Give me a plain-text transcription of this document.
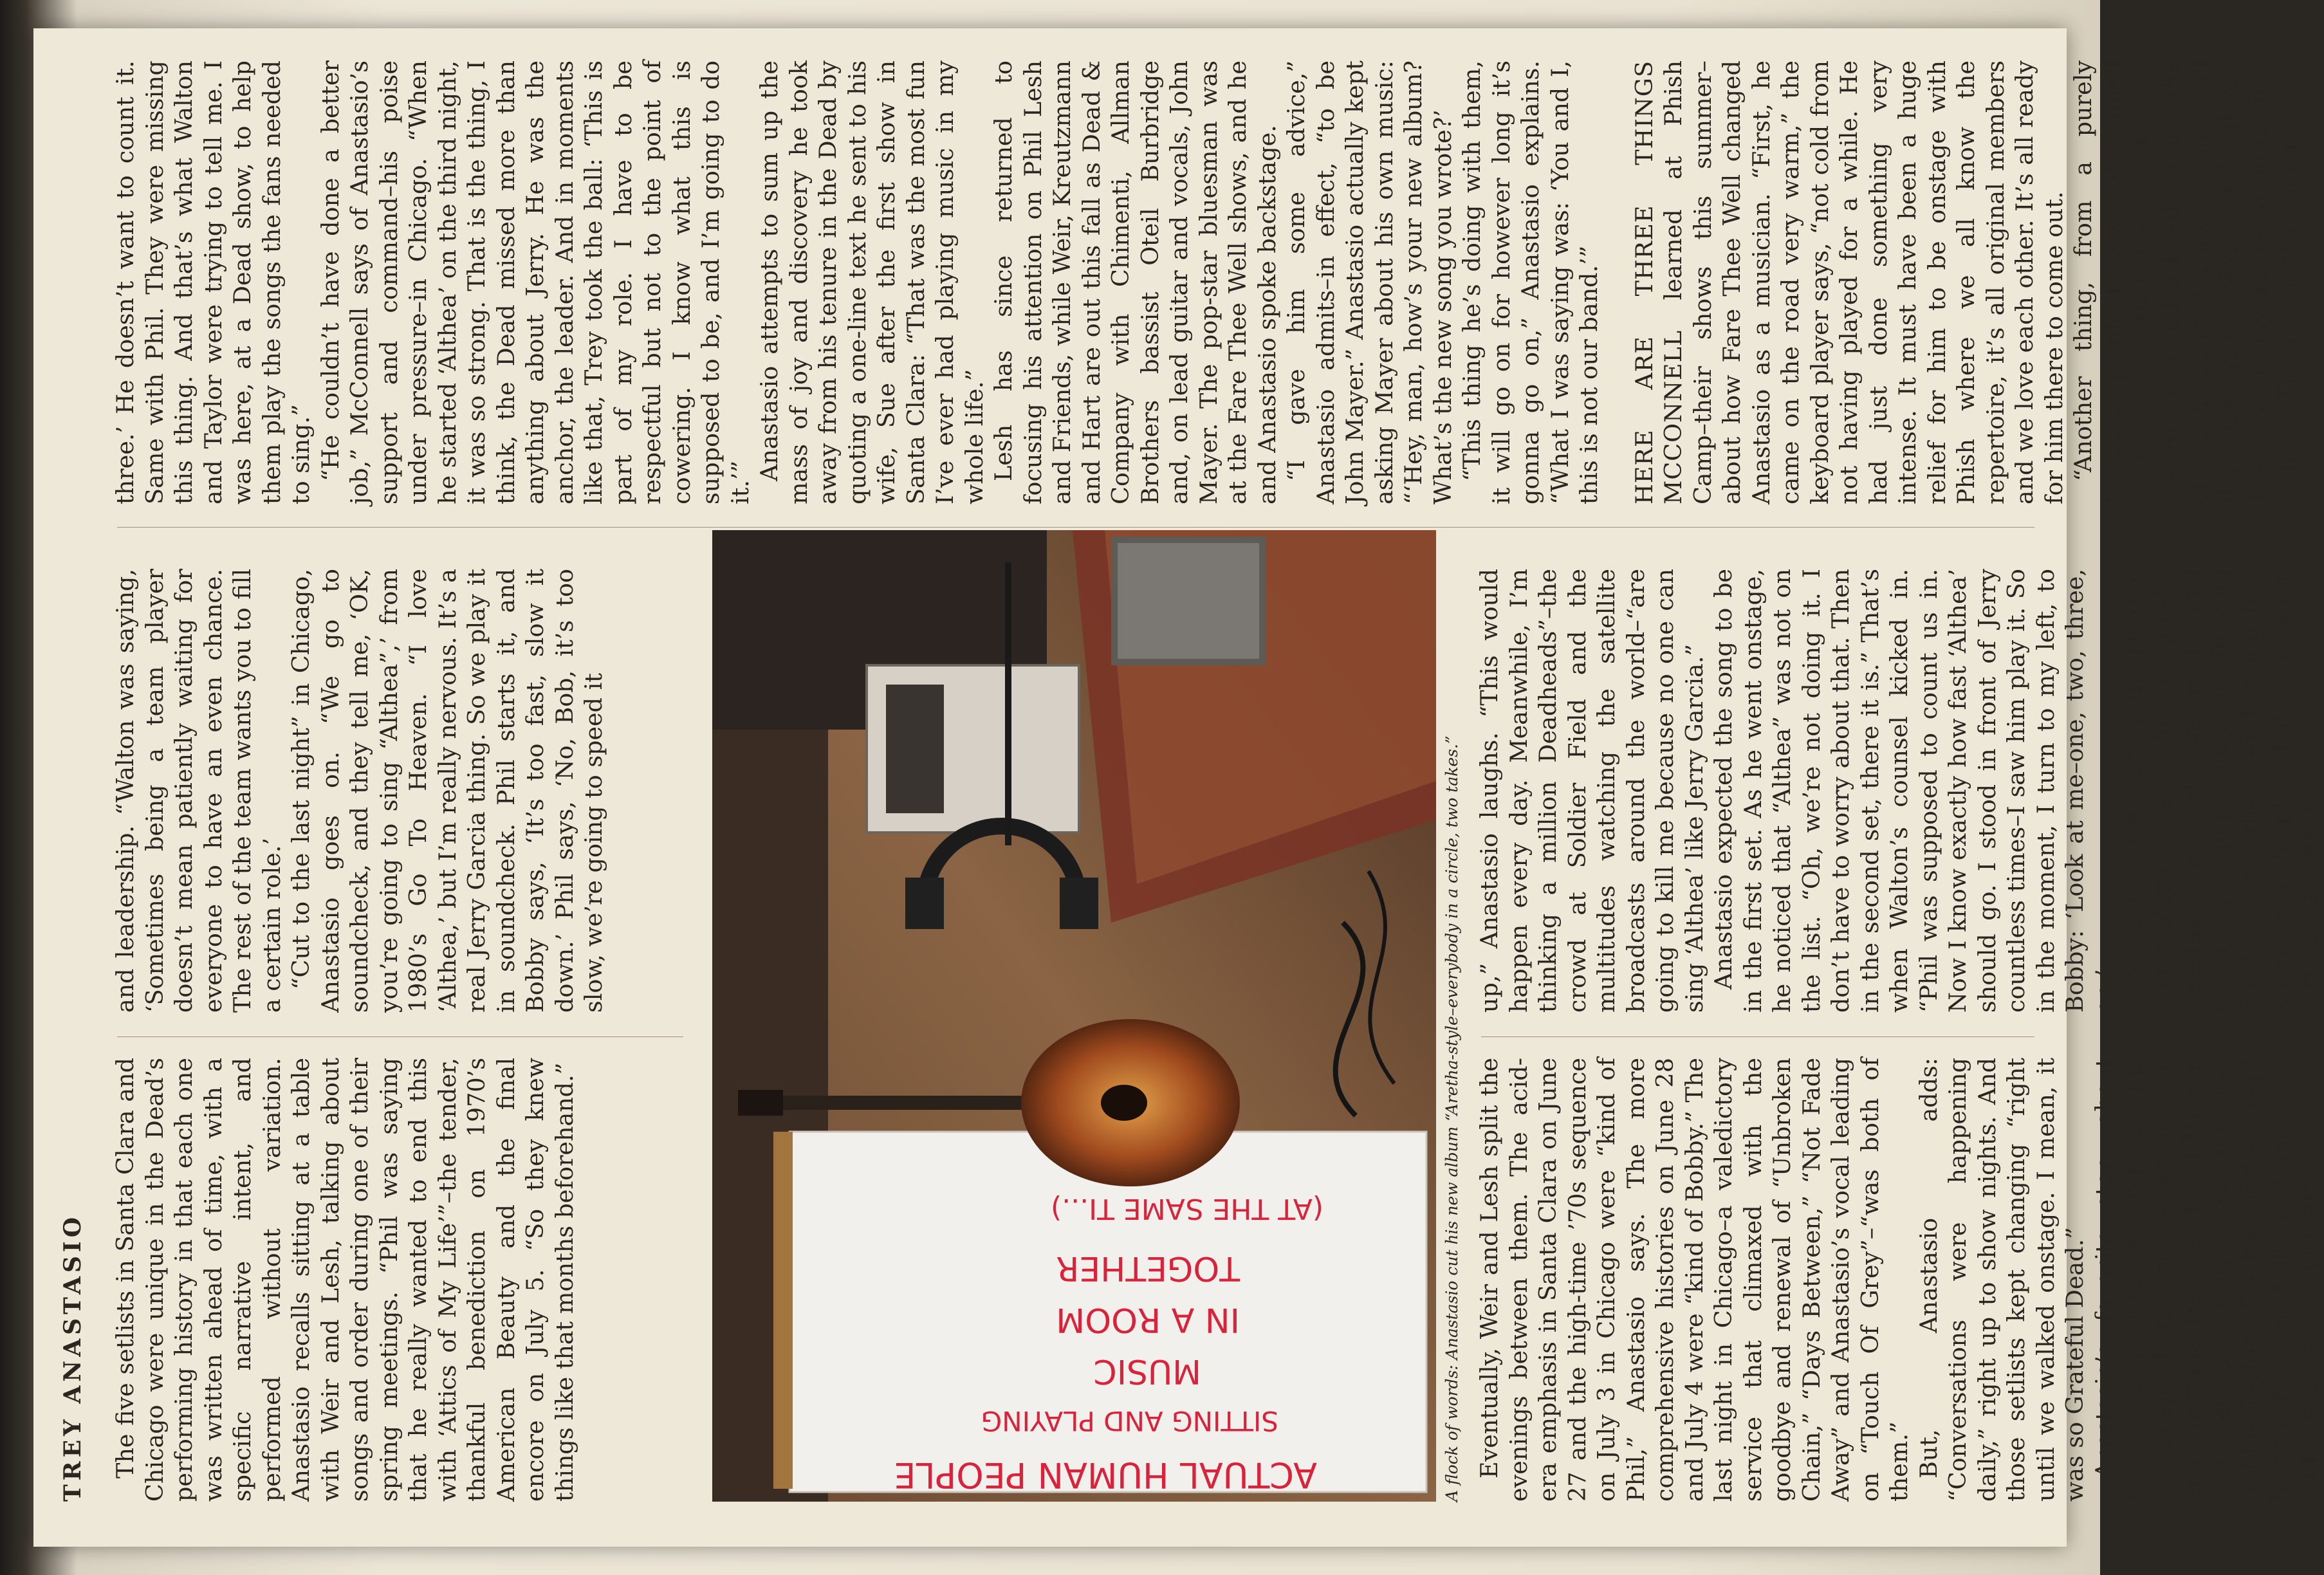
TREY ANASTASIO The five setlists in Santa Clara and Chicago were unique in the Dead’s performing history in that each one was written ahead of time, with a specific narrative intent, and performed without variation. Anastasio recalls sitting at a table with Weir and Lesh, talking about songs and order during one of their spring meetings. “Phil was saying that he really wanted to end this with ‘Attics of My Life’”–the tender, thankful benediction on 1970’s American Beauty and the final encore on July 5. “So they knew things like that months beforehand.”

and leadership. “Walton was saying, ‘Sometimes being a team player doesn’t mean patiently waiting for everyone to have an even chance. The rest of the team wants you to fill a certain role.’ “Cut to the last night” in Chicago, Anastasio goes on. “We go to soundcheck, and they tell me, ‘OK, you’re going to sing “Althea”,’ from 1980’s Go To Heaven. “I love ‘Althea,’ but I’m really nervous. It’s a real Jerry Garcia thing. So we play it in soundcheck. Phil starts it, and Bobby says, ‘It’s too fast, slow it down.’ Phil says, ‘No, Bob, it’s too slow, we’re going to speed it

three.’ He doesn’t want to count it. Same with Phil. They were missing this thing. And that’s what Walton and Taylor were trying to tell me. I was here, at a Dead show, to help them play the songs the fans needed to sing.” “He couldn’t have done a better job,” McConnell says of Anastasio’s support and command–his poise under pressure–in Chicago. “When he started ‘Althea’ on the third night, it was so strong. That is the thing, I think, the Dead missed more than anything about Jerry. He was the anchor, the leader. And in moments like that, Trey took the ball: ‘This is part of my role. I have to be respectful but not to the point of cowering. I know what this is supposed to be, and I’m going to do it.’”

Anastasio attempts to sum up the mass of joy and discovery he took away from his tenure in the Dead by quoting a one-line text he sent to his wife, Sue after the first show in Santa Clara: “That was the most fun I’ve ever had playing music in my whole life.” Lesh has since returned to focusing his attention on Phil Lesh and Friends, while Weir, Kreutzmann and Hart are out this fall as Dead & Company with Chimenti, Allman Brothers bassist Oteil Burbridge and, on lead guitar and vocals, John Mayer. The pop-star bluesman was at the Fare Thee Well shows, and he and Anastasio spoke backstage. “I gave him some advice,” Anastasio admits–in effect, “to be John Mayer.” Anastasio actually kept asking Mayer about his own music: “‘Hey, man, how’s your new album? What’s the new song you wrote?’ “This thing he’s doing with them, it will go on for however long it’s gonna go on,” Anastasio explains. “What I was saying was: ‘You and I, this is not our band.’” HERE ARE THREE THINGS MCCONNELL learned at Phish Camp–their shows this summer–about how Fare Thee Well changed Anastasio as a musician. “First, he came on the road very warm,” the keyboard player says, “not cold from not having played for a while. He had just done something very intense. It must have been a huge relief for him to be onstage with Phish where we all know the repertoire, it’s all original members and we love each other. It’s all ready for him there to come out. “Another thing, from a purely technical point of view,” McConnell continues, “is that Trey worked on his guitar sound a lot–the tone, the effects he started using, pickups, all that stuff guitar players talk about. Trey would play me recordings after a show–‘This is what this song

ACTUAL HUMAN PEOPLE
SITTING AND PLAYING
MUSIC
IN A ROOM
TOGETHER
(AT THE SAME TI...)	A flock of words: Anastasio cut his new album “Aretha-style–everybody in a circle, two takes.” Eventually, Weir and Lesh split the evenings between them. The acid-era emphasis in Santa Clara on June 27 and the high-time ’70s sequence on July 3 in Chicago were “kind of Phil,” Anastasio says. The more comprehensive histories on June 28 and July 4 were “kind of Bobby.” The last night in Chicago–a valedictory service that climaxed with the goodbye and renewal of “Unbroken Chain,” “Days Between,” “Not Fade Away” and Anastasio’s vocal leading on “Touch Of Grey”–“was both of them.” But, Anastasio adds: “Conversations were happening daily,” right up to show nights. And those setlists kept changing “right until we walked onstage. I mean, it was so Grateful Dead.” Anastasio’s favorite story about that comes with a preface: his backstage chats with basketball icon and longtime Deadhead Bill Walton and veteran Dead crew member Robbie Taylor. “The two of them kept having the same talks with me,” the guitarist says, “about teamwork

up,” Anastasio laughs. “This would happen every day. Meanwhile, I’m thinking a million Deadheads”–the crowd at Soldier Field and the multitudes watching the satellite broadcasts around the world–“are going to kill me because no one can sing ‘Althea’ like Jerry Garcia.” Anastasio expected the song to be in the first set. As he went onstage, he noticed that “Althea” was not on the list. “Oh, we’re not doing it. I don’t have to worry about that. Then in the second set, there it is.” That’s when Walton’s counsel kicked in. “Phil was supposed to count us in. Now I know exactly how fast ‘Althea’ should go. I stood in front of Jerry countless times–I saw him play it. So in the moment, I turn to my left, to Bobby: ‘Look at me–one, two, three, go.’

“As soon as we started, the rhythm guitar playing was so fucking good,” Anastasio says, still awestruck, “and the bass playing was so fucking good. That’s the weird thing–Bob knows how to play that tune when Jerry goes ‘One, two,
